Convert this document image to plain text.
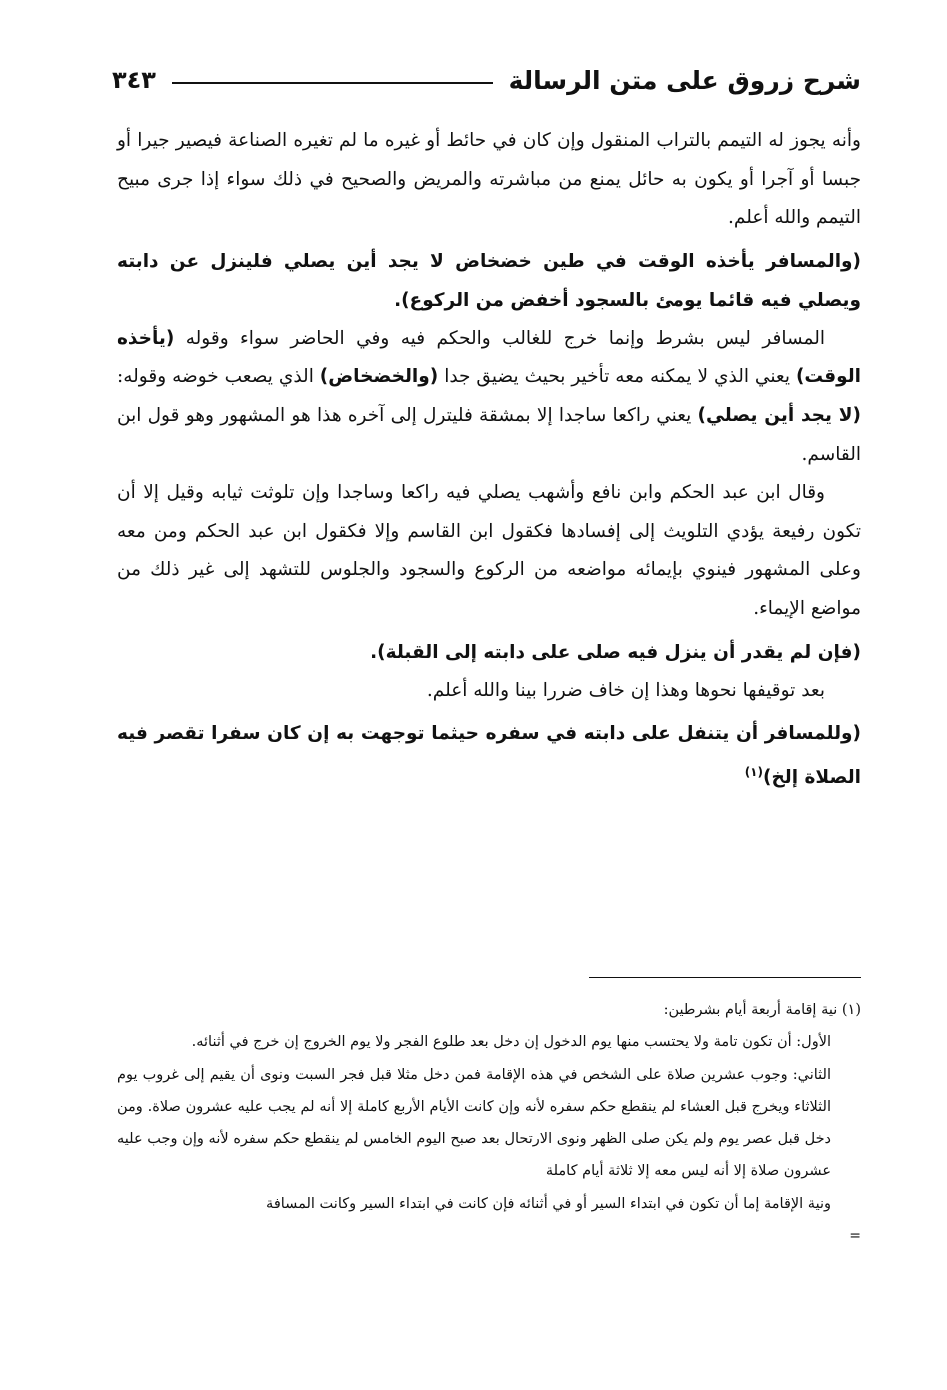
شرح زروق على متن الرسالة
٣٤٣

وأنه يجوز له التيمم بالتراب المنقول وإن كان في حائط أو غيره ما لم تغيره الصناعة فيصير جيرا أو جبسا أو آجرا أو يكون به حائل يمنع من مباشرته والمريض والصحيح في ذلك سواء إذا جرى مبيح التيمم والله أعلم.

(والمسافر يأخذه الوقت في طين خضخاض لا يجد أين يصلي فلينزل عن دابته ويصلي فيه قائما يومئ بالسجود أخفض من الركوع).

المسافر ليس بشرط وإنما خرج للغالب والحكم فيه وفي الحاضر سواء وقوله (يأخذه الوقت) يعني الذي لا يمكنه معه تأخير بحيث يضيق جدا (والخضخاض) الذي يصعب خوضه وقوله: (لا يجد أين يصلي) يعني راكعا ساجدا إلا بمشقة فليترل إلى آخره هذا هو المشهور وهو قول ابن القاسم.

وقال ابن عبد الحكم وابن نافع وأشهب يصلي فيه راكعا وساجدا وإن تلوثت ثيابه وقيل إلا أن تكون رفيعة يؤدي التلويث إلى إفسادها فكقول ابن القاسم وإلا فكقول ابن عبد الحكم ومن معه وعلى المشهور فينوي بإيمائه مواضعه من الركوع والسجود والجلوس للتشهد إلى غير ذلك من مواضع الإيماء.

(فإن لم يقدر أن ينزل فيه صلى على دابته إلى القبلة).

بعد توقيفها نحوها وهذا إن خاف ضررا بينا والله أعلم.

(وللمسافر أن يتنفل على دابته في سفره حيثما توجهت به إن كان سفرا تقصر فيه الصلاة إلخ)$^{(١)}$

(١) نية إقامة أربعة أيام بشرطين:

الأول: أن تكون تامة ولا يحتسب منها يوم الدخول إن دخل بعد طلوع الفجر ولا يوم الخروج إن خرج في أثنائه.

الثاني: وجوب عشرين صلاة على الشخص في هذه الإقامة فمن دخل مثلا قبل فجر السبت ونوى أن يقيم إلى غروب يوم الثلاثاء ويخرج قبل العشاء لم ينقطع حكم سفره لأنه وإن كانت الأيام الأربع كاملة إلا أنه لم يجب عليه عشرون صلاة. ومن دخل قبل عصر يوم ولم يكن صلى الظهر ونوى الارتحال بعد صبح اليوم الخامس لم ينقطع حكم سفره لأنه وإن وجب عليه عشرون صلاة إلا أنه ليس معه إلا ثلاثة أيام كاملة

ونية الإقامة إما أن تكون في ابتداء السير أو في أثنائه فإن كانت في ابتداء السير وكانت المسافة

=
